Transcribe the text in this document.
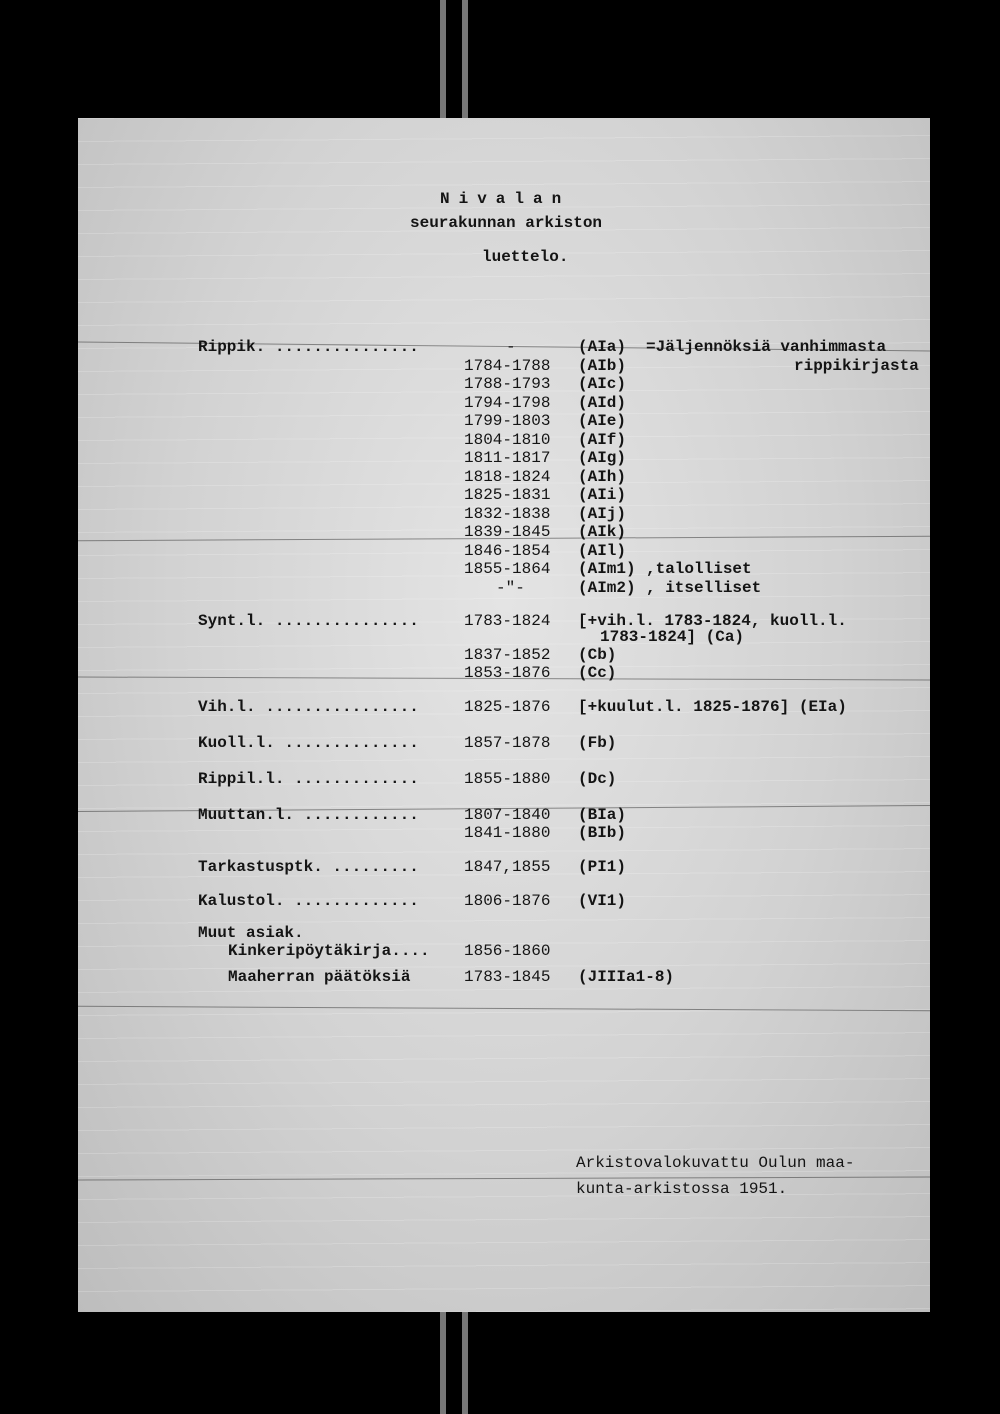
Nivalan
seurakunnan arkiston
luettelo.
Rippik. ...............	-	(AIa) =Jäljennöksiä vanhimmasta
1784-1788 (AIb)	rippikirjasta
1788-1793 (AIc)
1794-1798 (AId)
1799-1803 (AIe)
1804-1810 (AIf)
1811-1817 (AIg)
1818-1824 (AIh)
1825-1831 (AIi)
1832-1838 (AIj)
1839-1845 (AIk)
1846-1854 (AIl)
1855-1864 (AIm1) ,talolliset
-"-	(AIm2) , itselliset
Synt.l. ...............	1783-1824 [+vih.l. 1783-1824, kuoll.l.
1783-1824] (Ca)
1837-1852 (Cb)
1853-1876 (Cc)
Vih.l. ................	1825-1876 [+kuulut.l. 1825-1876] (EIa)
Kuoll.l. ..............	1857-1878 (Fb)
Rippil.l. .............	1855-1880 (Dc)
Muuttan.l. ............	1807-1840 (BIa)
1841-1880 (BIb)
Tarkastusptk. .........	1847,1855 (PI1)
Kalustol. .............	1806-1876 (VI1)
Muut asiak.
Kinkeripöytäkirja.... 1856-1860
Maaherran päätöksiä	1783-1845 (JIIIa1-8)
Arkistovalokuvattu Oulun maa-
kunta-arkistossa 1951.
